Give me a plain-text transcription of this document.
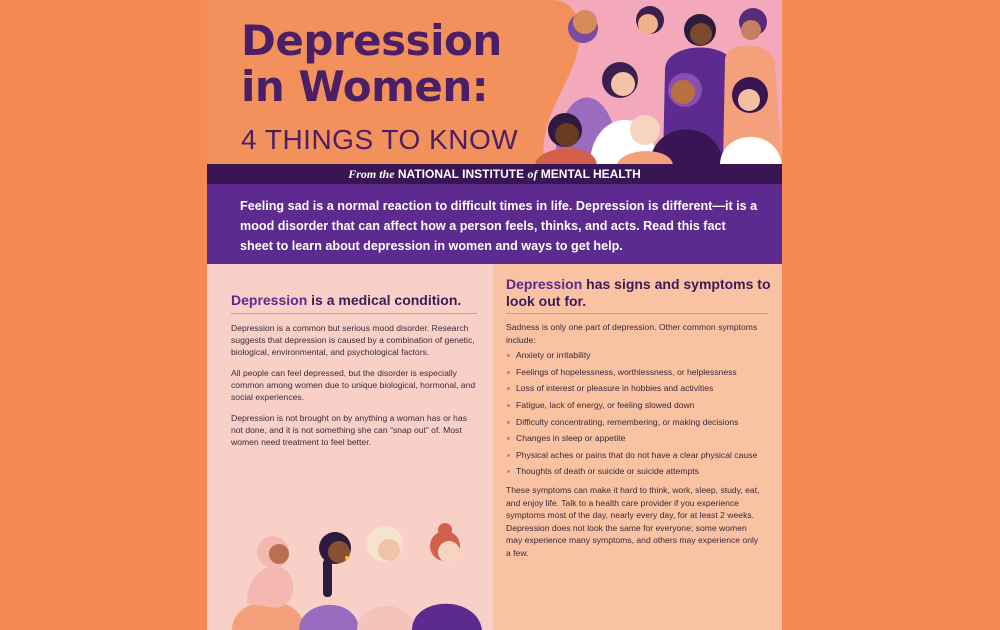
Depression
in Women:
4 THINGS TO KNOW
From the NATIONAL INSTITUTE of MENTAL HEALTH

Feeling sad is a normal reaction to difficult times in life. Depression is different—it is a mood disorder that can affect how a person feels, thinks, and acts. Read this fact sheet to learn about depression in women and ways to get help.

Depression is a medical condition.

Depression is a common but serious mood disorder. Research suggests that depression is caused by a combination of genetic, biological, environmental, and psychological factors.

All people can feel depressed, but the disorder is especially common among women due to unique biological, hormonal, and social experiences.

Depression is not brought on by anything a woman has or has not done, and it is not something she can “snap out” of. Most women need treatment to feel better.

Depression has signs and symptoms to look out for.

Sadness is only one part of depression. Other common symptoms include:

Anxiety or irritability
Feelings of hopelessness, worthlessness, or helplessness
Loss of interest or pleasure in hobbies and activities
Fatigue, lack of energy, or feeling slowed down
Difficulty concentrating, remembering, or making decisions
Changes in sleep or appetite
Physical aches or pains that do not have a clear physical cause
Thoughts of death or suicide or suicide attempts

These symptoms can make it hard to think, work, sleep, study, eat, and enjoy life. Talk to a health care provider if you experience symptoms most of the day, nearly every day, for at least 2 weeks. Depression does not look the same for everyone; some women may experience many symptoms, and others may experience only a few.
